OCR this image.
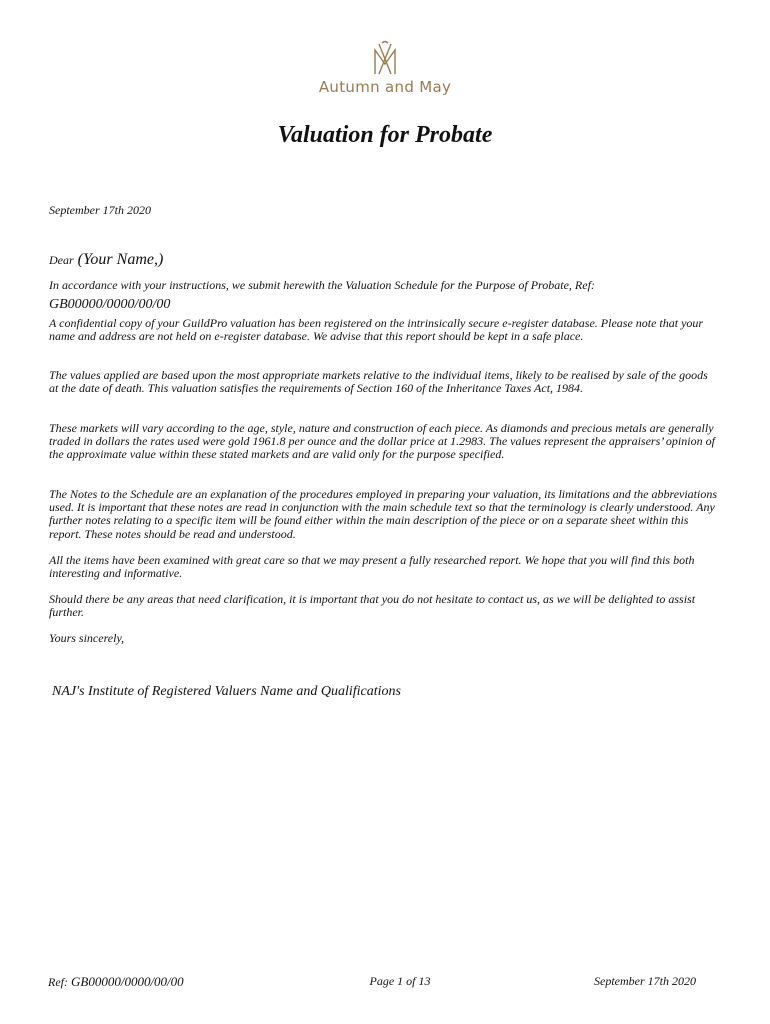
Autumn and May
Valuation for Probate
September 17th 2020
Dear (Your Name,)
In accordance with your instructions, we submit herewith the Valuation Schedule for the Purpose of Probate, Ref:
GB00000/0000/00/00

A confidential copy of your GuildPro valuation has been registered on the intrinsically secure e-register database. Please note that your name and address are not held on e-register database. We advise that this report should be kept in a safe place.

The values applied are based upon the most appropriate markets relative to the individual items, likely to be realised by sale of the goods at the date of death. This valuation satisfies the requirements of Section 160 of the Inheritance Taxes Act, 1984.

These markets will vary according to the age, style, nature and construction of each piece. As diamonds and precious metals are generally traded in dollars the rates used were gold 1961.8 per ounce and the dollar price at 1.2983. The values represent the appraisers’ opinion of the approximate value within these stated markets and are valid only for the purpose specified.

The Notes to the Schedule are an explanation of the procedures employed in preparing your valuation, its limitations and the abbreviations used. It is important that these notes are read in conjunction with the main schedule text so that the terminology is clearly understood. Any further notes relating to a specific item will be found either within the main description of the piece or on a separate sheet within this report. These notes should be read and understood.

All the items have been examined with great care so that we may present a fully researched report. We hope that you will find this both interesting and informative.

Should there be any areas that need clarification, it is important that you do not hesitate to contact us, as we will be delighted to assist further.

Yours sincerely,

NAJ's Institute of Registered Valuers Name and Qualifications
Ref: GB00000/0000/00/00	Page 1 of 13	September 17th 2020
